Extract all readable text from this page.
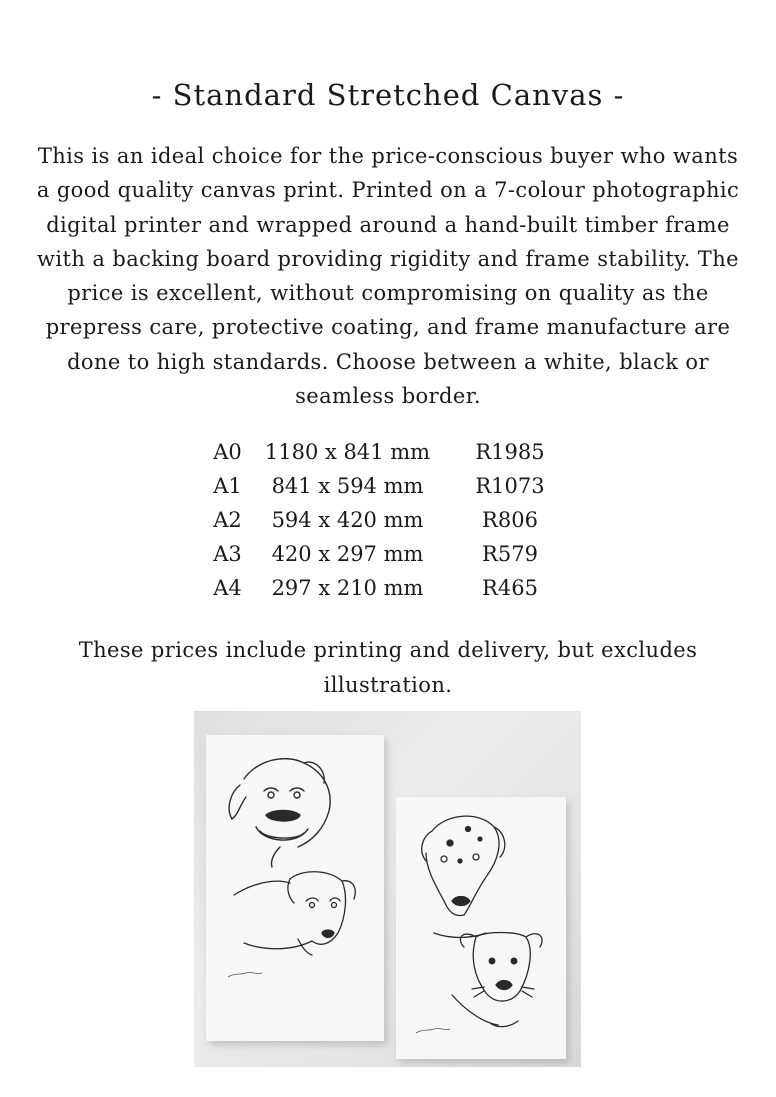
- Standard Stretched Canvas -

This is an ideal choice for the price-conscious buyer who wants a good quality canvas print. Printed on a 7-colour photographic digital printer and wrapped around a hand-built timber frame with a backing board providing rigidity and frame stability. The price is excellent, without compromising on quality as the prepress care, protective coating, and frame manufacture are done to high standards. Choose between a white, black or seamless border.

A0	1180 x 841 mm	R1985
A1	841 x 594 mm	R1073
A2	594 x 420 mm	R806
A3	420 x 297 mm	R579
A4	297 x 210 mm	R465

These prices include printing and delivery, but excludes illustration.
